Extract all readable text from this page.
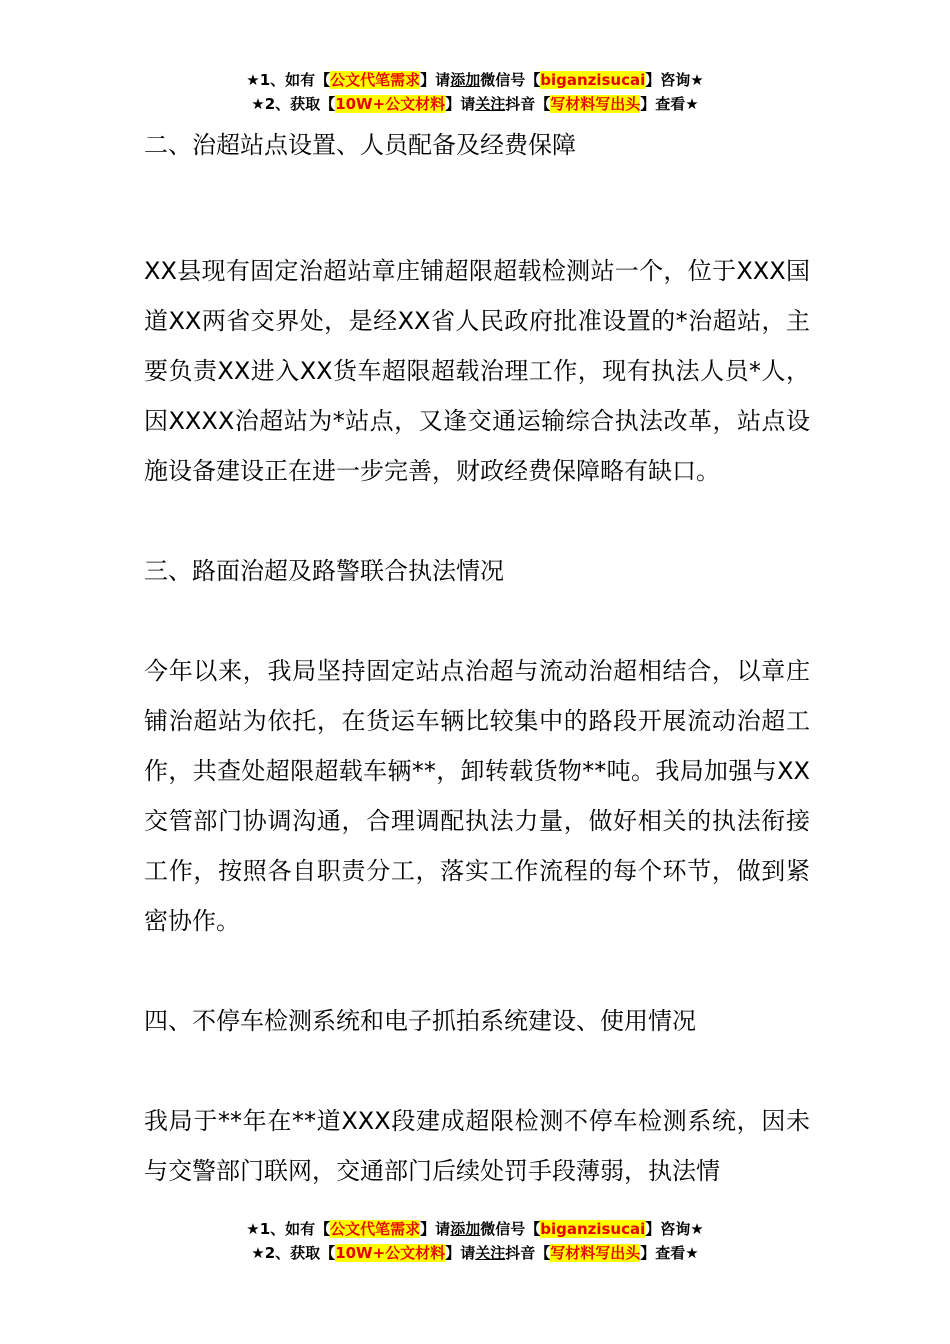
★1、如有【公文代笔需求】请添加微信号【biganzisucai】咨询★
★2、获取【10W+公文材料】请关注抖音【写材料写出头】查看★

二、治超站点设置、人员配备及经费保障

XX县现有固定治超站章庄铺超限超载检测站一个，位于XXX国道XX两省交界处，是经XX省人民政府批准设置的*治超站，主要负责XX进入XX货车超限超载治理工作，现有执法人员*人，因XXXX治超站为*站点，又逢交通运输综合执法改革，站点设施设备建设正在进一步完善，财政经费保障略有缺口。

三、路面治超及路警联合执法情况

今年以来，我局坚持固定站点治超与流动治超相结合，以章庄铺治超站为依托，在货运车辆比较集中的路段开展流动治超工作，共查处超限超载车辆**，卸转载货物**吨。我局加强与XX交管部门协调沟通，合理调配执法力量，做好相关的执法衔接工作，按照各自职责分工，落实工作流程的每个环节，做到紧密协作。

四、不停车检测系统和电子抓拍系统建设、使用情况

我局于**年在**道XXX段建成超限检测不停车检测系统，因未与交警部门联网，交通部门后续处罚手段薄弱，执法情

★1、如有【公文代笔需求】请添加微信号【biganzisucai】咨询★
★2、获取【10W+公文材料】请关注抖音【写材料写出头】查看★
